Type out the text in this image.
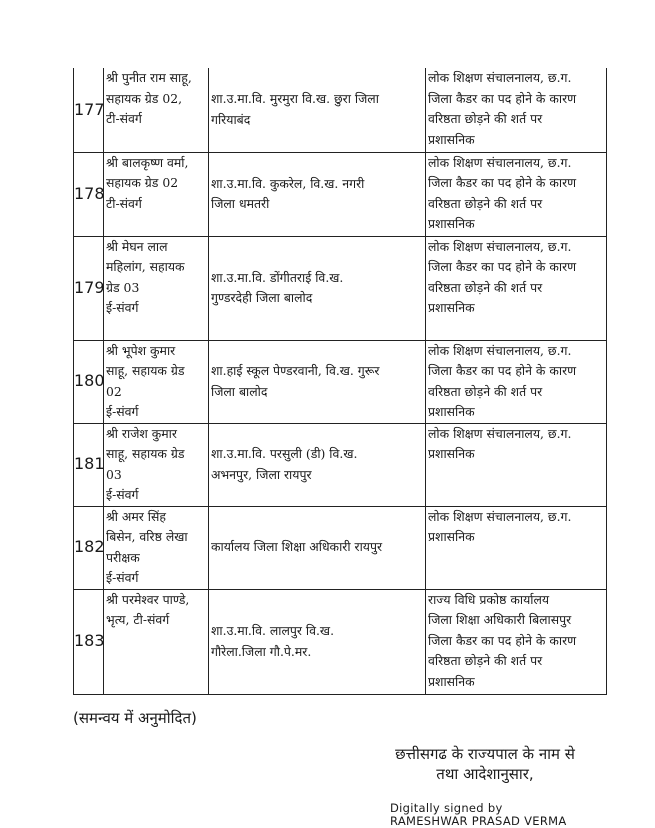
177	श्री पुनीत राम साहू,
सहायक ग्रेड 02,
टी-संवर्ग	शा.उ.मा.वि. मुरमुरा वि.ख. छुरा जिला
गरियाबंद	लोक शिक्षण संचालनालय, छ.ग.
जिला कैडर का पद होने के कारण
वरिष्ठता छोड़ने की शर्त पर
प्रशासनिक

178	श्री बालकृष्ण वर्मा,
सहायक ग्रेड 02
टी-संवर्ग	शा.उ.मा.वि. कुकरेल, वि.ख. नगरी
जिला धमतरी	लोक शिक्षण संचालनालय, छ.ग.
जिला कैडर का पद होने के कारण
वरिष्ठता छोड़ने की शर्त पर
प्रशासनिक

179	श्री मेघन लाल
महिलांग, सहायक
ग्रेड 03
ई-संवर्ग	शा.उ.मा.वि. डोंगीतराई वि.ख.
गुण्डरदेही जिला बालोद	लोक शिक्षण संचालनालय, छ.ग.
जिला कैडर का पद होने के कारण
वरिष्ठता छोड़ने की शर्त पर
प्रशासनिक

180	श्री भूपेश कुमार
साहू, सहायक ग्रेड
02
ई-संवर्ग	शा.हाई स्कूल पेण्डरवानी, वि.ख. गुरूर
जिला बालोद	लोक शिक्षण संचालनालय, छ.ग.
जिला कैडर का पद होने के कारण
वरिष्ठता छोड़ने की शर्त पर
प्रशासनिक

181	श्री राजेश कुमार
साहू, सहायक ग्रेड
03
ई-संवर्ग	शा.उ.मा.वि. परसुली (डी) वि.ख.
अभनपुर, जिला रायपुर	लोक शिक्षण संचालनालय, छ.ग.
प्रशासनिक

182	श्री अमर सिंह
बिसेन, वरिष्ठ लेखा
परीक्षक
ई-संवर्ग	कार्यालय जिला शिक्षा अधिकारी रायपुर	लोक शिक्षण संचालनालय, छ.ग.
प्रशासनिक

183	श्री परमेश्वर पाण्डे,
भृत्य, टी-संवर्ग	शा.उ.मा.वि. लालपुर वि.ख.
गौरेला.जिला गौ.पे.मर.	राज्य विधि प्रकोष्ठ कार्यालय
जिला शिक्षा अधिकारी बिलासपुर
जिला कैडर का पद होने के कारण
वरिष्ठता छोड़ने की शर्त पर
प्रशासनिक
(समन्वय में अनुमोदित)
छत्तीसगढ के राज्यपाल के नाम से
तथा आदेशानुसार,
Digitally signed by
RAMESHWAR PRASAD VERMA
